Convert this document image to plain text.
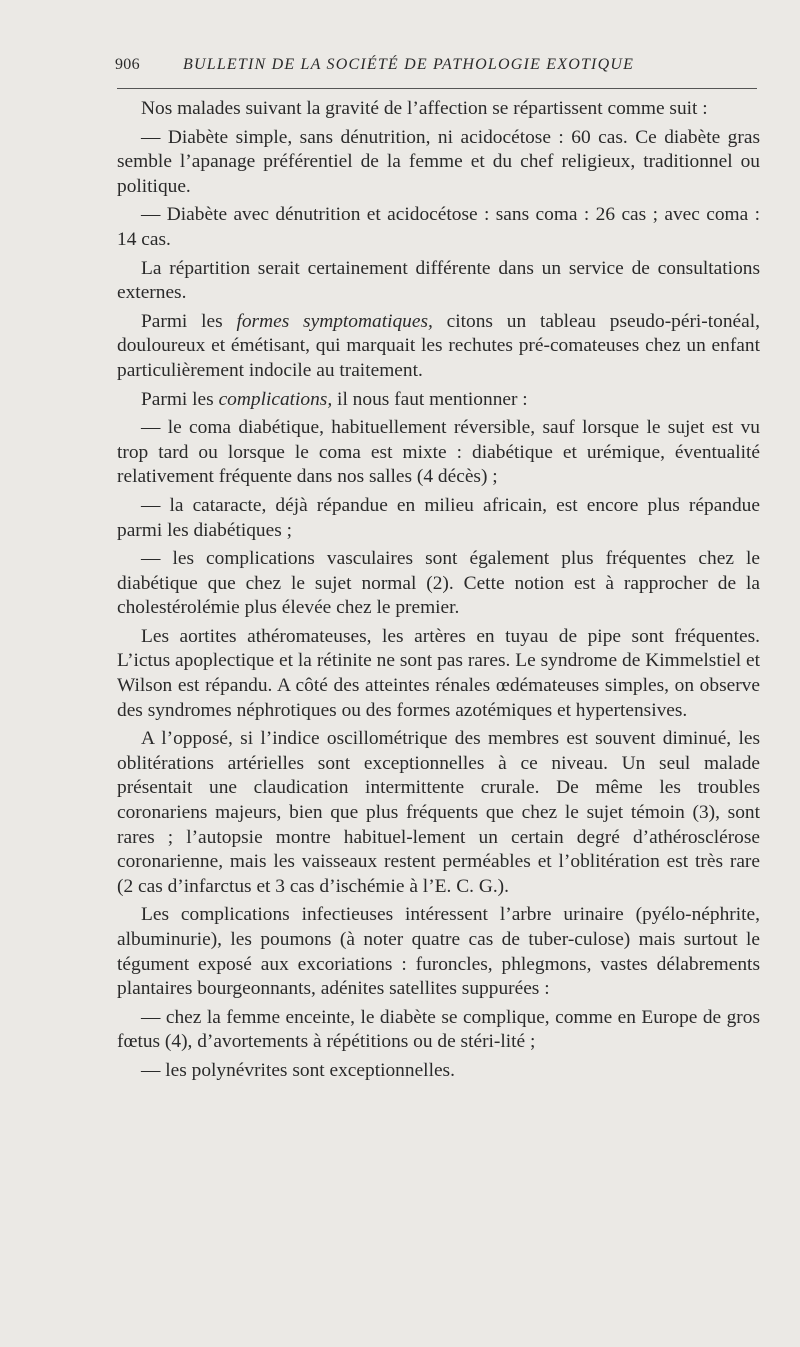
906	BULLETIN DE LA SOCIÉTÉ DE PATHOLOGIE EXOTIQUE

Nos malades suivant la gravité de l’affection se répartissent comme suit :

— Diabète simple, sans dénutrition, ni acidocétose : 60 cas. Ce diabète gras semble l’apanage préférentiel de la femme et du chef religieux, traditionnel ou politique.

— Diabète avec dénutrition et acidocétose : sans coma : 26 cas ; avec coma : 14 cas.

La répartition serait certainement différente dans un service de consultations externes.

Parmi les formes symptomatiques, citons un tableau pseudo-péri-tonéal, douloureux et émétisant, qui marquait les rechutes pré-comateuses chez un enfant particulièrement indocile au traitement.

Parmi les complications, il nous faut mentionner :

— le coma diabétique, habituellement réversible, sauf lorsque le sujet est vu trop tard ou lorsque le coma est mixte : diabétique et urémique, éventualité relativement fréquente dans nos salles (4 décès) ;

— la cataracte, déjà répandue en milieu africain, est encore plus répandue parmi les diabétiques ;

— les complications vasculaires sont également plus fréquentes chez le diabétique que chez le sujet normal (2). Cette notion est à rapprocher de la cholestérolémie plus élevée chez le premier.

Les aortites athéromateuses, les artères en tuyau de pipe sont fréquentes. L’ictus apoplectique et la rétinite ne sont pas rares. Le syndrome de Kimmelstiel et Wilson est répandu. A côté des atteintes rénales œdémateuses simples, on observe des syndromes néphrotiques ou des formes azotémiques et hypertensives.

A l’opposé, si l’indice oscillométrique des membres est souvent diminué, les oblitérations artérielles sont exceptionnelles à ce niveau. Un seul malade présentait une claudication intermittente crurale. De même les troubles coronariens majeurs, bien que plus fréquents que chez le sujet témoin (3), sont rares ; l’autopsie montre habituel-lement un certain degré d’athérosclérose coronarienne, mais les vaisseaux restent perméables et l’oblitération est très rare (2 cas d’infarctus et 3 cas d’ischémie à l’E. C. G.).

Les complications infectieuses intéressent l’arbre urinaire (pyélo-néphrite, albuminurie), les poumons (à noter quatre cas de tuber-culose) mais surtout le tégument exposé aux excoriations : furoncles, phlegmons, vastes délabrements plantaires bourgeonnants, adénites satellites suppurées :

— chez la femme enceinte, le diabète se complique, comme en Europe de gros fœtus (4), d’avortements à répétitions ou de stéri-lité ;

— les polynévrites sont exceptionnelles.
